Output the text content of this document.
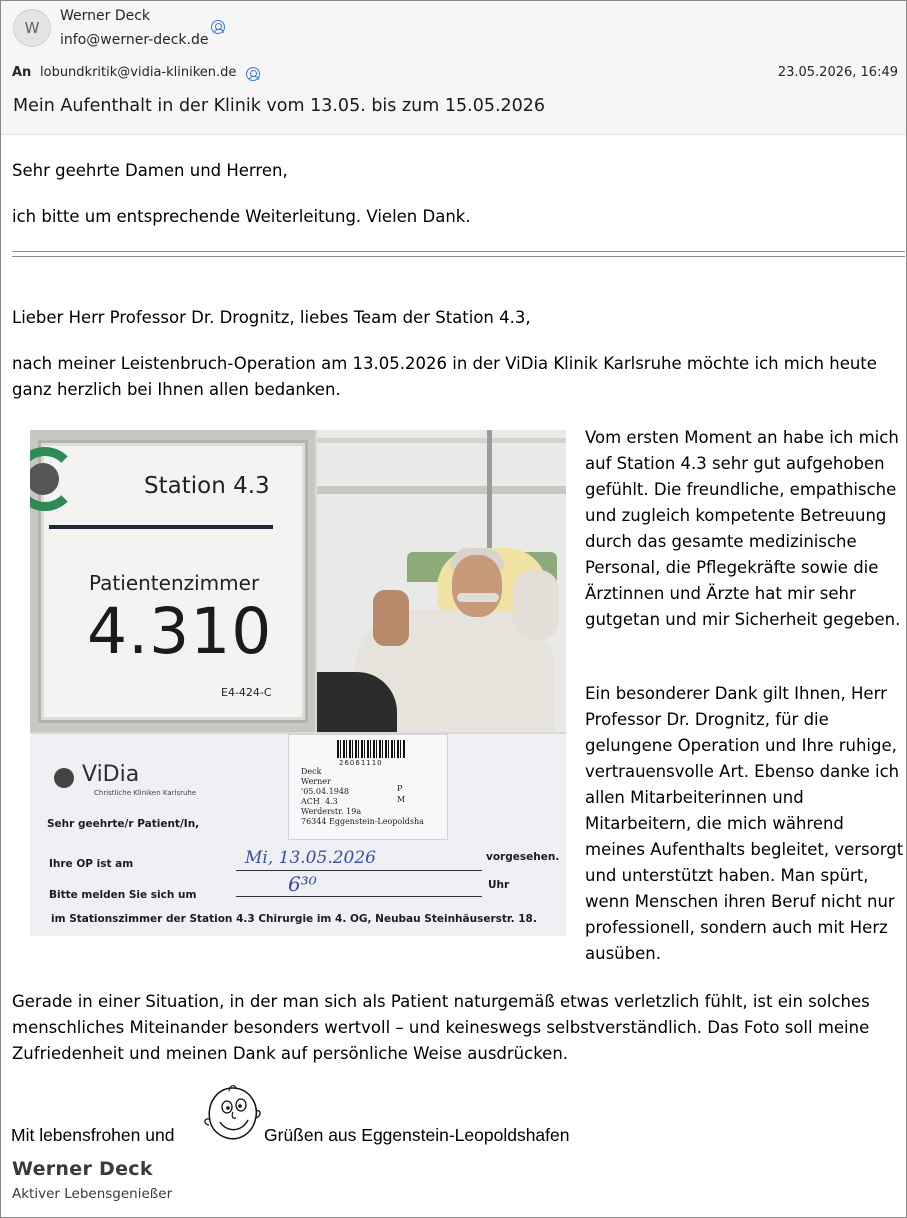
W
Werner Deck
info@werner-deck.de
An lobundkritik@vidia-kliniken.de	23.05.2026, 16:49
Mein Aufenthalt in der Klinik vom 13.05. bis zum 15.05.2026
Sehr geehrte Damen und Herren,
ich bitte um entsprechende Weiterleitung. Vielen Dank.
Lieber Herr Professor Dr. Drognitz, liebes Team der Station 4.3,
nach meiner Leistenbruch-Operation am 13.05.2026 in der ViDia Klinik Karlsruhe möchte ich mich heute ganz herzlich bei Ihnen allen bedanken.
Station 4.3
Patientenzimmer
4.310
E4-424-C
ViDia
Christliche Kliniken Karlsruhe
Sehr geehrte/r Patient/In,
Ihre OP ist am
vorgesehen.
Mi, 13.05.2026
Bitte melden Sie sich um
Uhr
6³⁰
im Stationszimmer der Station 4.3 Chirurgie im 4. OG, Neubau Steinhäuserstr. 18.
26061110
Deck
Werner
'05.04.1948
ACH  4.3
Werderstr. 19a
76344 Eggenstein-Leopoldsha
P
M
Vom ersten Moment an habe ich mich auf Station 4.3 sehr gut aufgehoben gefühlt. Die freundliche, empathische und zugleich kompetente Betreuung durch das gesamte medizinische Personal, die Pflegekräfte sowie die Ärztinnen und Ärzte hat mir sehr gutgetan und mir Sicherheit gegeben.
Ein besonderer Dank gilt Ihnen, Herr Professor Dr. Drognitz, für die gelungene Operation und Ihre ruhige, vertrauensvolle Art. Ebenso danke ich allen Mitarbeiterinnen und Mitarbeitern, die mich während meines Aufenthalts begleitet, versorgt und unterstützt haben. Man spürt, wenn Menschen ihren Beruf nicht nur professionell, sondern auch mit Herz ausüben.
Gerade in einer Situation, in der man sich als Patient naturgemäß etwas verletzlich fühlt, ist ein solches menschliches Miteinander besonders wertvoll – und keineswegs selbstverständlich. Das Foto soll meine Zufriedenheit und meinen Dank auf persönliche Weise ausdrücken.
Mit lebensfrohen und	Grüßen aus Eggenstein-Leopoldshafen
Werner Deck
Aktiver Lebensgenießer
